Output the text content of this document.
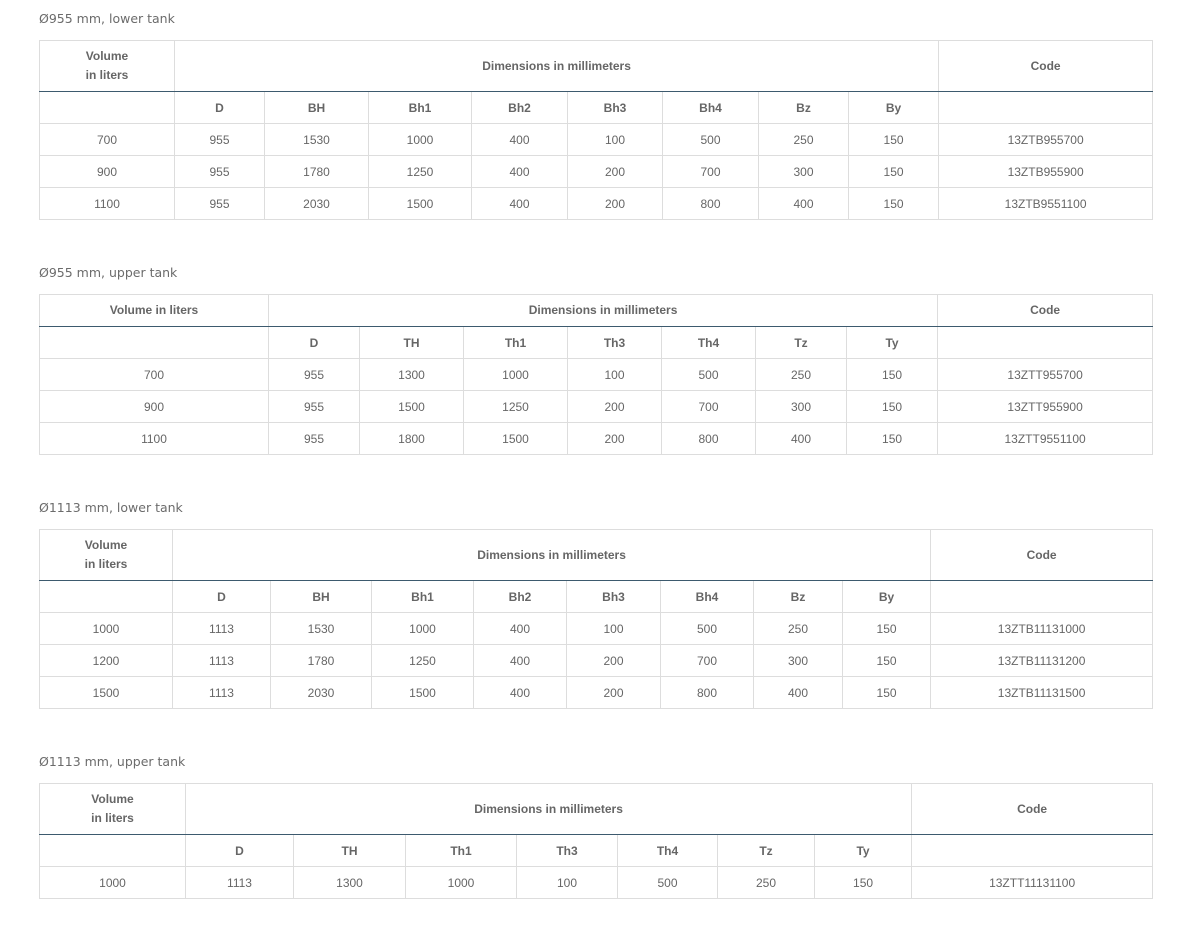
Ø955 mm, lower tank
Volume
in liters	Dimensions in millimeters								Code
	D	BH	Bh1	Bh2	Bh3	Bh4	Bz	By	
700	955	1530	1000	400	100	500	250	150	13ZTB955700
900	955	1780	1250	400	200	700	300	150	13ZTB955900
1100	955	2030	1500	400	200	800	400	150	13ZTB9551100
Ø955 mm, upper tank
Volume in liters	Dimensions in millimeters							Code
	D	TH	Th1	Th3	Th4	Tz	Ty	
700	955	1300	1000	100	500	250	150	13ZTT955700
900	955	1500	1250	200	700	300	150	13ZTT955900
1100	955	1800	1500	200	800	400	150	13ZTT9551100
Ø1113 mm, lower tank
Volume
in liters	Dimensions in millimeters								Code
	D	BH	Bh1	Bh2	Bh3	Bh4	Bz	By	
1000	1113	1530	1000	400	100	500	250	150	13ZTB11131000
1200	1113	1780	1250	400	200	700	300	150	13ZTB11131200
1500	1113	2030	1500	400	200	800	400	150	13ZTB11131500
Ø1113 mm, upper tank
Volume
in liters	Dimensions in millimeters							Code
	D	TH	Th1	Th3	Th4	Tz	Ty	
1000	1113	1300	1000	100	500	250	150	13ZTT11131100
